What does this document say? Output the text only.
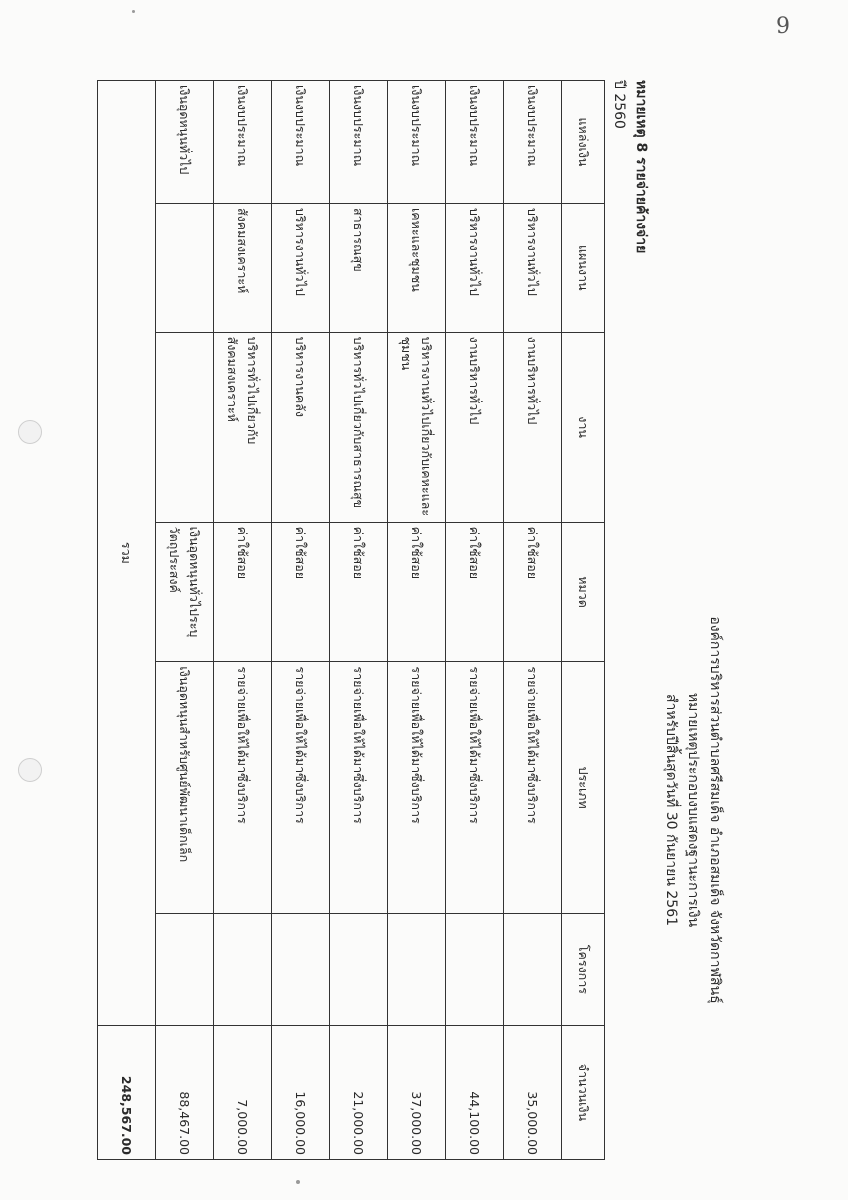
9
องค์การบริหารส่วนตำบลศรีสมเด็จ อำเภอสมเด็จ จังหวัดกาฬสินธุ์
หมายเหตุประกอบงบแสดงฐานะการเงิน
สำหรับปีสิ้นสุดวันที่ 30 กันยายน 2561
หมายเหตุ 8 รายจ่ายค้างจ่าย
ปี 2560
แหล่งเงิน	แผนงาน	งาน	หมวด	ประเภท	โครงการ	จำนวนเงิน
เงินงบประมาณ	บริหารงานทั่วไป	งานบริหารทั่วไป	ค่าใช้สอย	รายจ่ายเพื่อให้ได้มาซึ่งบริการ		35,000.00
เงินงบประมาณ	บริหารงานทั่วไป	งานบริหารทั่วไป	ค่าใช้สอย	รายจ่ายเพื่อให้ได้มาซึ่งบริการ		44,100.00
เงินงบประมาณ	เคหะและชุมชน	บริหารงานทั่วไปเกี่ยวกับเคหะและชุมชน	ค่าใช้สอย	รายจ่ายเพื่อให้ได้มาซึ่งบริการ		37,000.00
เงินงบประมาณ	สาธารณสุข	บริหารทั่วไปเกี่ยวกับสาธารณสุข	ค่าใช้สอย	รายจ่ายเพื่อให้ได้มาซึ่งบริการ		21,000.00
เงินงบประมาณ	บริหารงานทั่วไป	บริหารงานคลัง	ค่าใช้สอย	รายจ่ายเพื่อให้ได้มาซึ่งบริการ		16,000.00
เงินงบประมาณ	สังคมสงเคราะห์	บริหารทั่วไปเกี่ยวกับสังคมสงเคราะห์	ค่าใช้สอย	รายจ่ายเพื่อให้ได้มาซึ่งบริการ		7,000.00
เงินอุดหนุนทั่วไป			เงินอุดหนุนทั่วไประบุวัตถุประสงค์	เงินอุดหนุนสำหรับศูนย์พัฒนาเด็กเล็ก		88,467.00
รวม						248,567.00
